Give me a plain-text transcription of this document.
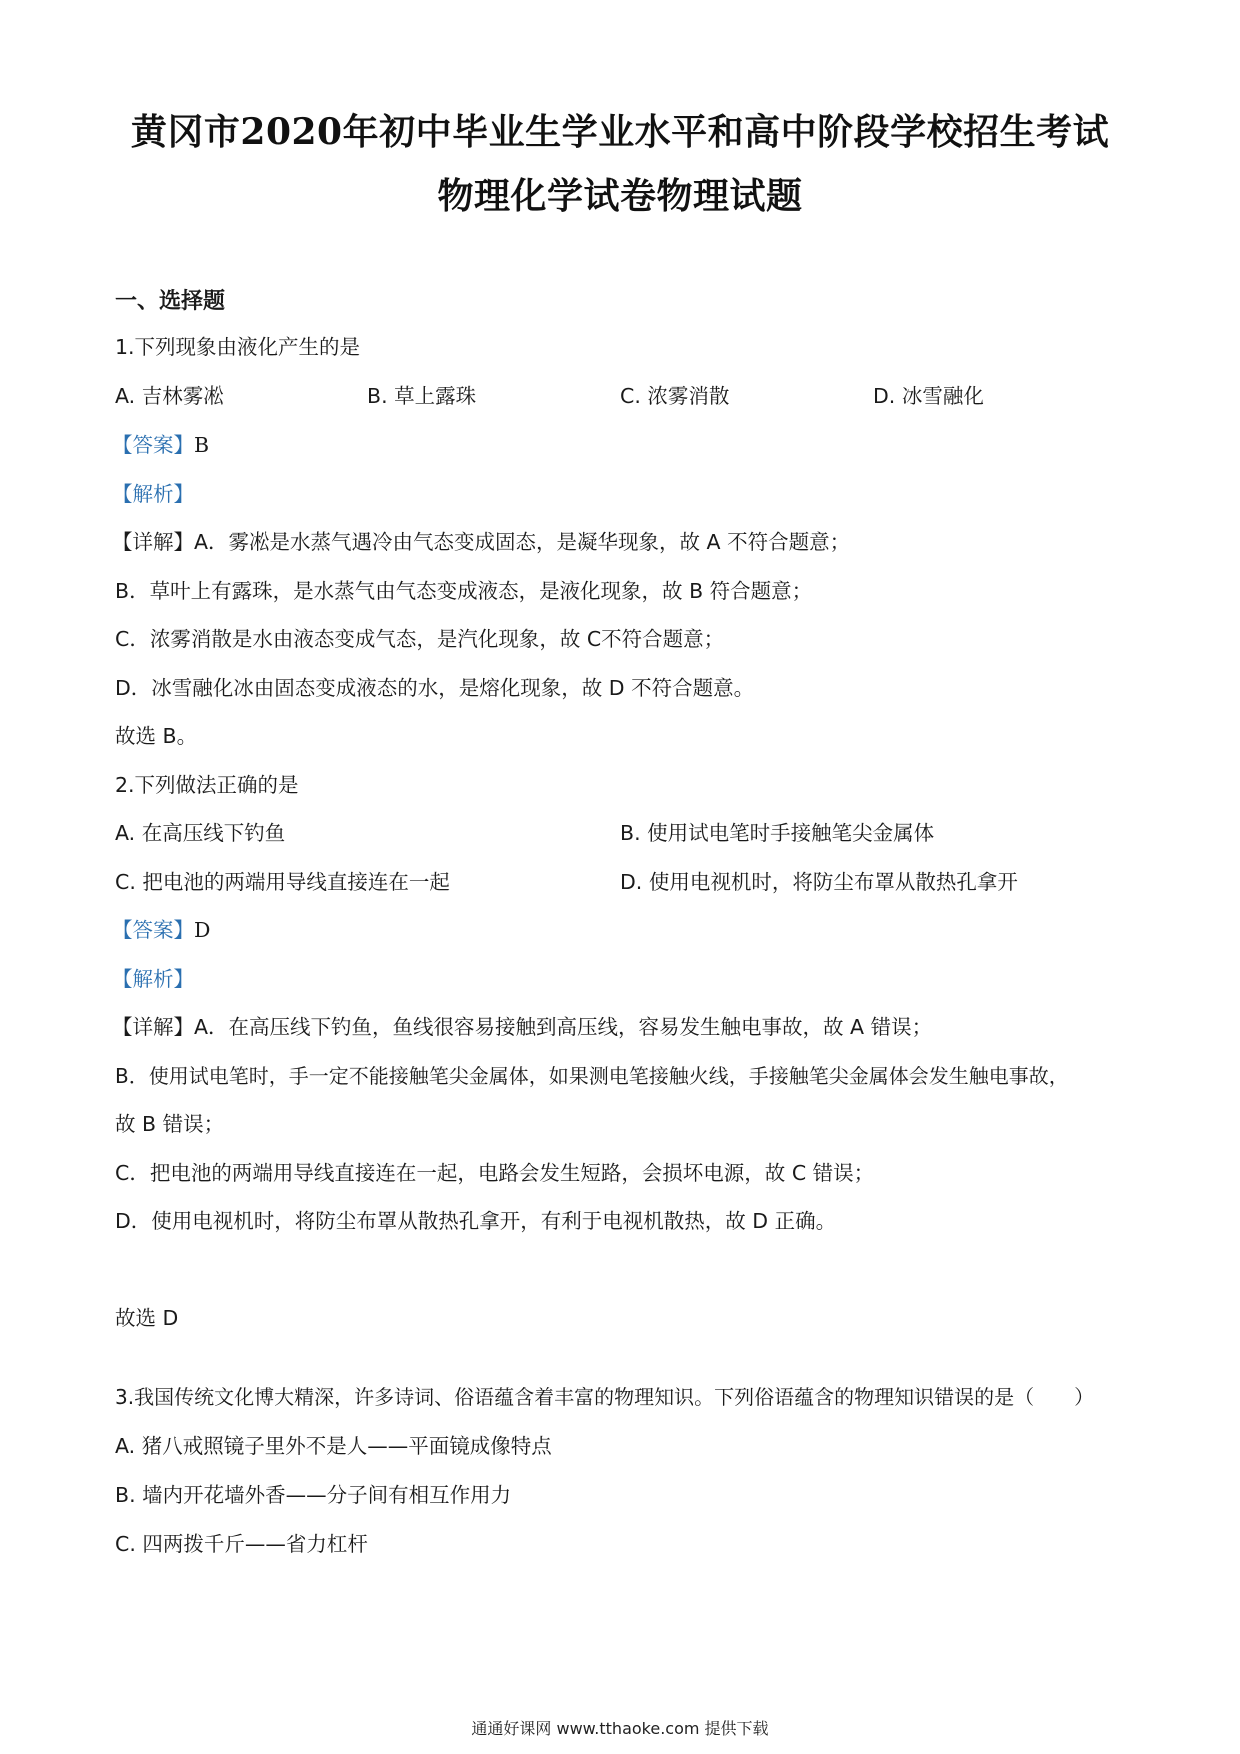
黄冈市2020年初中毕业生学业水平和高中阶段学校招生考试
物理化学试卷物理试题
一、选择题
1.下列现象由液化产生的是
A. 吉林雾凇	B. 草上露珠	C. 浓雾消散	D. 冰雪融化
【答案】B
【解析】
【详解】A．雾凇是水蒸气遇冷由气态变成固态，是凝华现象，故 A 不符合题意；
B．草叶上有露珠，是水蒸气由气态变成液态，是液化现象，故 B 符合题意；
C．浓雾消散是水由液态变成气态，是汽化现象，故 C不符合题意；
D．冰雪融化冰由固态变成液态的水，是熔化现象，故 D 不符合题意。
故选 B。
2.下列做法正确的是
A. 在高压线下钓鱼	B. 使用试电笔时手接触笔尖金属体
C. 把电池的两端用导线直接连在一起	D. 使用电视机时，将防尘布罩从散热孔拿开
【答案】D
【解析】
【详解】A．在高压线下钓鱼，鱼线很容易接触到高压线，容易发生触电事故，故 A 错误；
B．使用试电笔时，手一定不能接触笔尖金属体，如果测电笔接触火线，手接触笔尖金属体会发生触电事故，
故 B 错误；
C．把电池的两端用导线直接连在一起，电路会发生短路，会损坏电源，故 C 错误；
D．使用电视机时，将防尘布罩从散热孔拿开，有利于电视机散热，故 D 正确。
故选 D
3.我国传统文化博大精深，许多诗词、俗语蕴含着丰富的物理知识。下列俗语蕴含的物理知识错误的是（　　）
A. 猪八戒照镜子里外不是人——平面镜成像特点
B. 墙内开花墙外香——分子间有相互作用力
C. 四两拨千斤——省力杠杆
通通好课网 www.tthaoke.com 提供下载
